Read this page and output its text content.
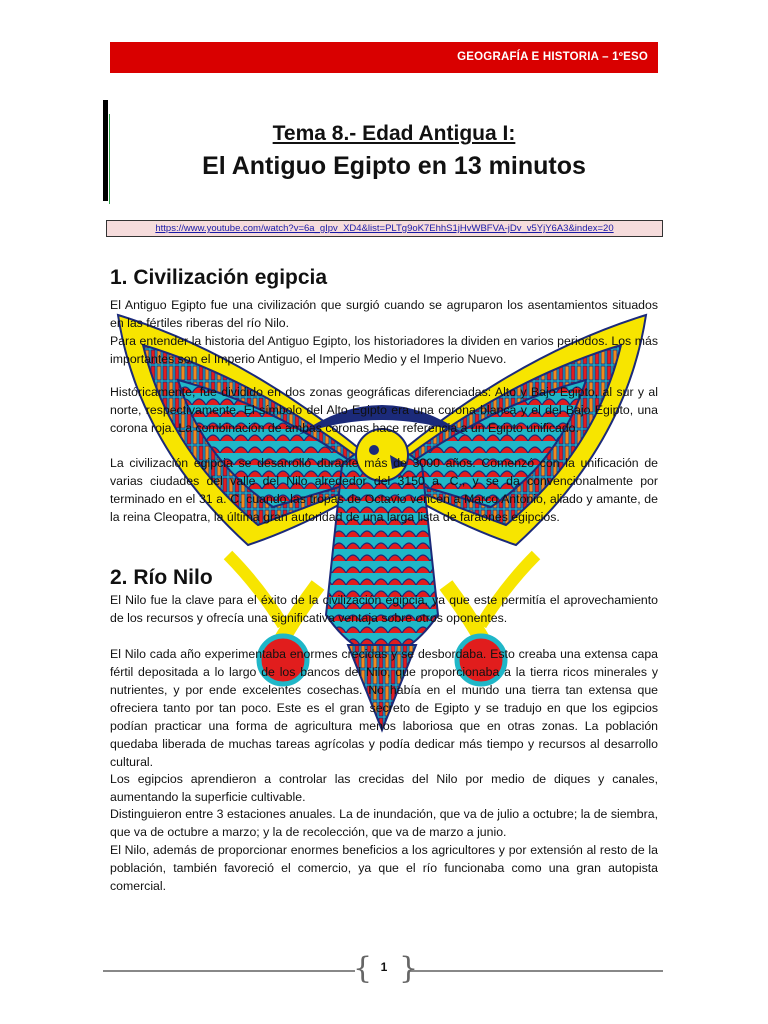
GEOGRAFÍA E HISTORIA – 1ºESO
Tema 8.- Edad Antigua I:
El Antiguo Egipto en 13 minutos
https://www.youtube.com/watch?v=6a_gIpv_XD4&list=PLTg9oK7EhhS1jHvWBFVA-jDv_v5YjY6A3&index=20
1. Civilización egipcia
El Antiguo Egipto fue una civilización que surgió cuando se agruparon los asentamientos situados en las fértiles riberas del río Nilo.
Para entender la historia del Antiguo Egipto, los historiadores la dividen en varios periodos. Los más importantes son el Imperio Antiguo, el Imperio Medio y el Imperio Nuevo.
Históricamente, fue dividido en dos zonas geográficas diferenciadas: Alto y Bajo Egipto, al sur y al norte, respectivamente. El símbolo del Alto Egipto era una corona blanca y el del Bajo Egipto, una corona roja. La combinación de ambas coronas hace referencia a un Egipto unificado.
La civilización egipcia se desarrolló durante más de 3000 años. Comenzó con la unificación de varias ciudades del valle del Nilo alrededor del 3150 a. C., y se da convencionalmente por terminado en el 31 a. C. cuando las tropas de Octavio vencen a Marco Antonio, aliado y amante, de la reina Cleopatra, la última gran autoridad de una larga lista de faraones egipcios.
2. Río Nilo
El Nilo fue la clave para el éxito de la civilización egipcia, ya que este permitía el aprovechamiento de los recursos y ofrecía una significativa ventaja sobre otros oponentes.
El Nilo cada año experimentaba enormes crecidas y se desbordaba. Esto creaba una extensa capa fértil depositada a lo largo de los bancos del Nilo, que proporcionaba a la tierra ricos minerales y nutrientes, y por ende excelentes cosechas. No había en el mundo una tierra tan extensa que ofreciera tanto por tan poco. Este es el gran secreto de Egipto y se tradujo en que los egipcios podían practicar una forma de agricultura menos laboriosa que en otras zonas. La población quedaba liberada de muchas tareas agrícolas y podía dedicar más tiempo y recursos al desarrollo cultural.
Los egipcios aprendieron a controlar las crecidas del Nilo por medio de diques y canales, aumentando la superficie cultivable.
Distinguieron entre 3 estaciones anuales. La de inundación, que va de julio a octubre; la de siembra, que va de octubre a marzo; y la de recolección, que va de marzo a junio.
El Nilo, además de proporcionar enormes beneficios a los agricultores y por extensión al resto de la población, también favoreció el comercio, ya que el río funcionaba como una gran autopista comercial.
{ }
1
